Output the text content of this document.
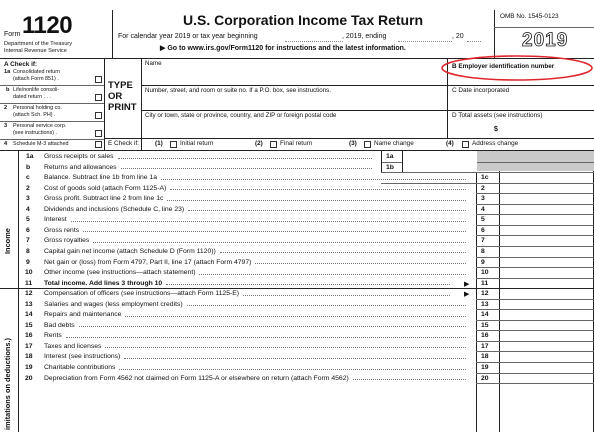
Form 1120
Department of the Treasury
Internal Revenue Service
U.S. Corporation Income Tax Return
For calendar year 2019 or tax year beginning	, 2019, ending	, 20
▶ Go to www.irs.gov/Form1120 for instructions and the latest information.
OMB No. 1545-0123
2019
A Check if:
1a Consolidated return
(attach Form 851) .
b Life/nonlife consoli-
dated return . . .
2 Personal holding co.
(attach Sch. PH) .
3 Personal service corp.
(see instructions) .
4 Schedule M-3 attached
TYPE
OR
PRINT
Name
Number, street, and room or suite no. If a P.O. box, see instructions.
City or town, state or province, country, and ZIP or foreign postal code
B Employer identification number
C Date incorporated
D Total assets (see instructions)
$
E Check if:	(1)	Initial return	(2)	Final return	(3)	Name change	(4)	Address change
Income
imitations on deductions.)
1a Gross receipts or sales	1a
b Returns and allowances	1b
c Balance. Subtract line 1b from line 1a	1c
2 Cost of goods sold (attach Form 1125-A)	2
3 Gross profit. Subtract line 2 from line 1c	3
4 Dividends and inclusions (Schedule C, line 23)	4
5 Interest	5
6 Gross rents	6
7 Gross royalties	7
8 Capital gain net income (attach Schedule D (Form 1120))	8
9 Net gain or (loss) from Form 4797, Part II, line 17 (attach Form 4797)	9
10 Other income (see instructions—attach statement)	10
11 Total income. Add lines 3 through 10	▶ 11
12 Compensation of officers (see instructions—attach Form 1125-E)	▶ 12
13 Salaries and wages (less employment credits)	13
14 Repairs and maintenance	14
15 Bad debts	15
16 Rents	16
17 Taxes and licenses	17
18 Interest (see instructions)	18
19 Charitable contributions	19
20 Depreciation from Form 4562 not claimed on Form 1125-A or elsewhere on return (attach Form 4562)	20
